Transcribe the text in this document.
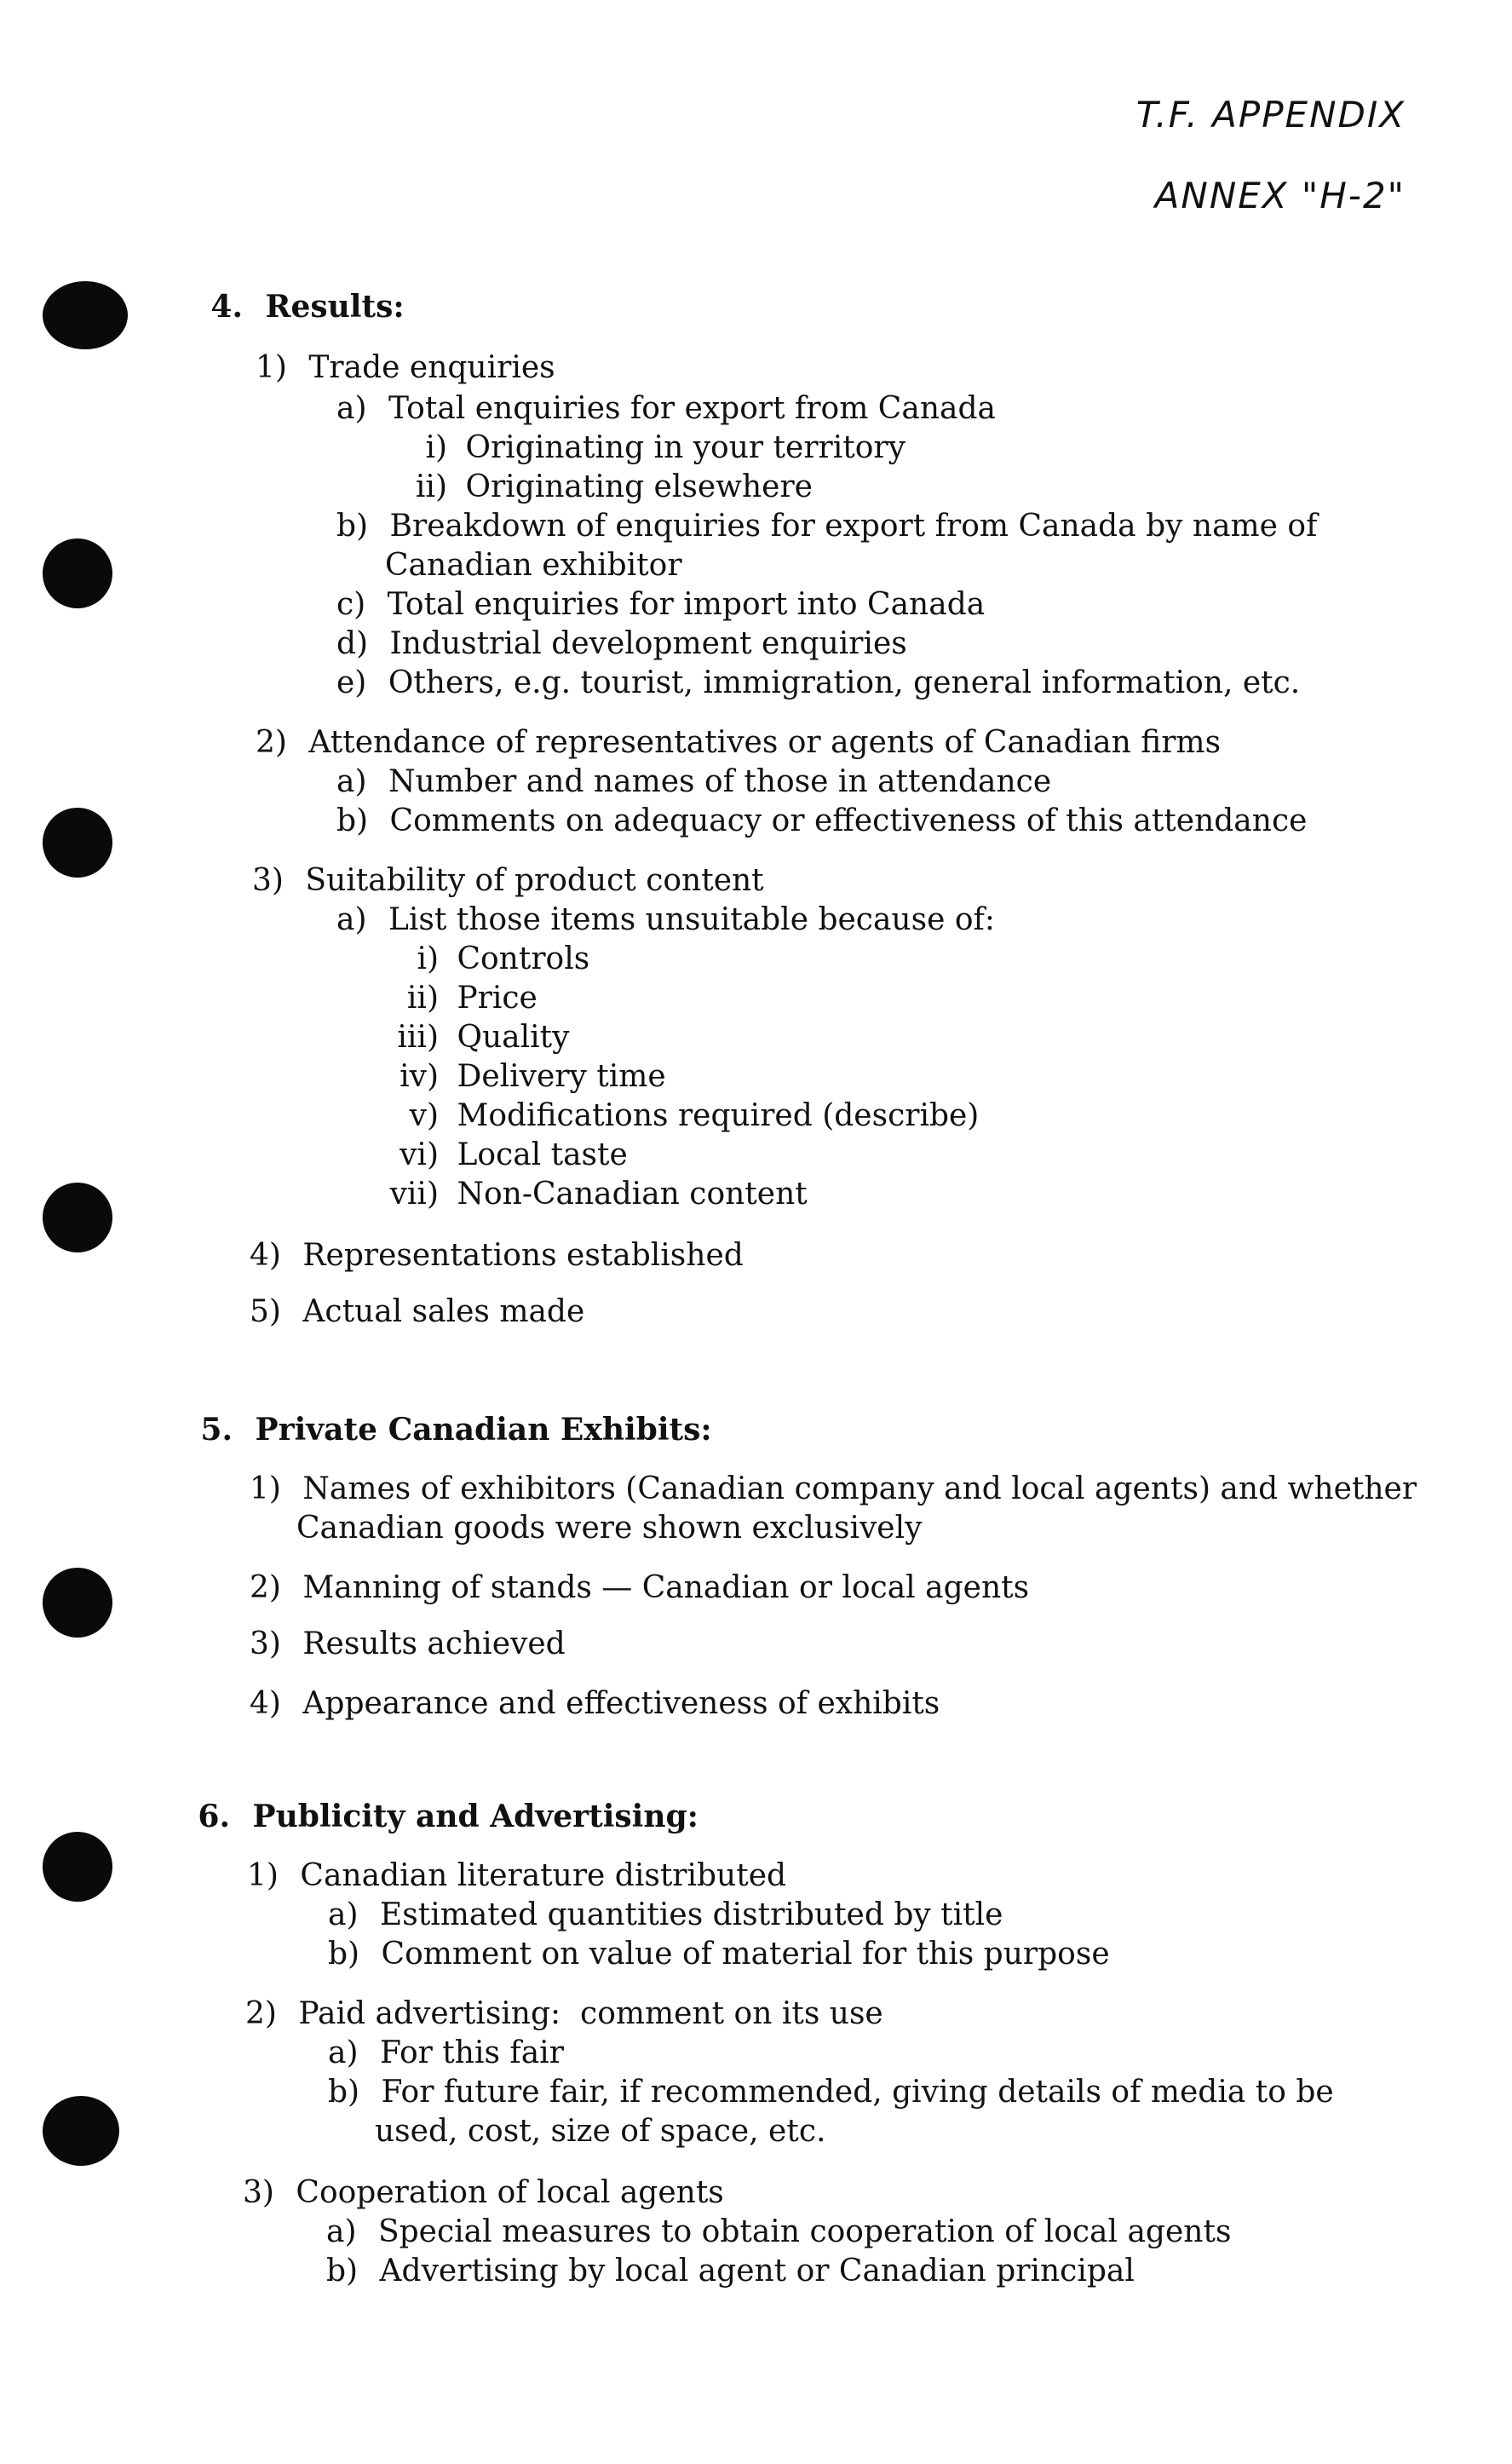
T.F. APPENDIX
ANNEX "H-2"
4. Results:
1) Trade enquiries
a) Total enquiries for export from Canada
i) Originating in your territory
ii) Originating elsewhere
b) Breakdown of enquiries for export from Canada by name of
Canadian exhibitor
c) Total enquiries for import into Canada
d) Industrial development enquiries
e) Others, e.g. tourist, immigration, general information, etc.
2) Attendance of representatives or agents of Canadian firms
a) Number and names of those in attendance
b) Comments on adequacy or effectiveness of this attendance
3) Suitability of product content
a) List those items unsuitable because of:
i) Controls
ii) Price
iii) Quality
iv) Delivery time
v) Modifications required (describe)
vi) Local taste
vii) Non-Canadian content
4) Representations established
5) Actual sales made
5. Private Canadian Exhibits:
1) Names of exhibitors (Canadian company and local agents) and whether
Canadian goods were shown exclusively
2) Manning of stands — Canadian or local agents
3) Results achieved
4) Appearance and effectiveness of exhibits
6. Publicity and Advertising:
1) Canadian literature distributed
a) Estimated quantities distributed by title
b) Comment on value of material for this purpose
2) Paid advertising:  comment on its use
a) For this fair
b) For future fair, if recommended, giving details of media to be
used, cost, size of space, etc.
3) Cooperation of local agents
a) Special measures to obtain cooperation of local agents
b) Advertising by local agent or Canadian principal
